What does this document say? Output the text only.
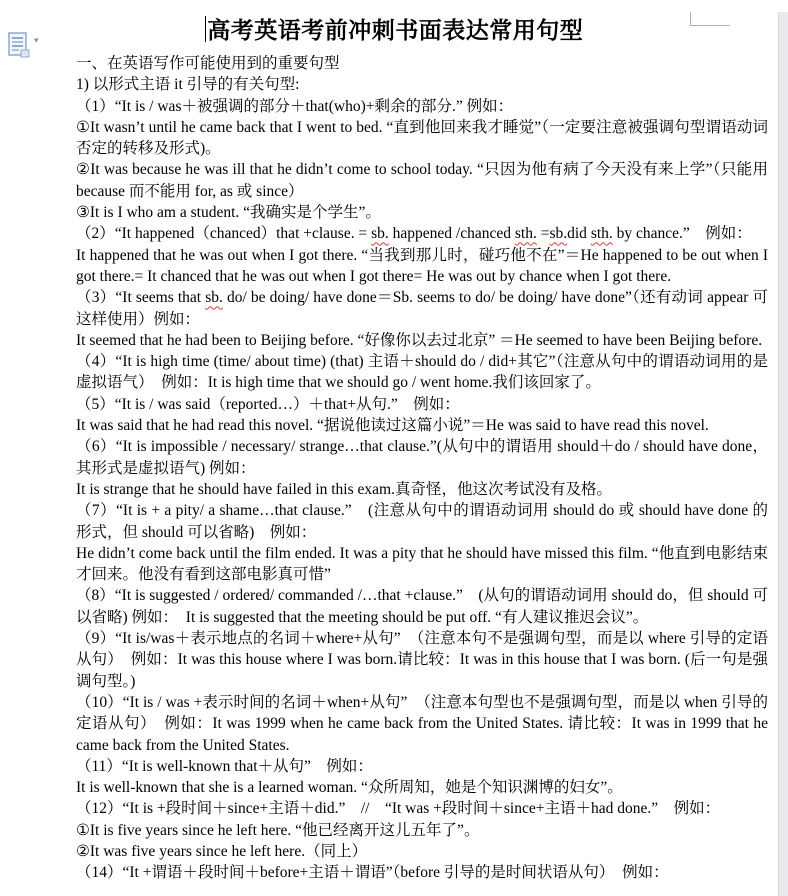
▾	高考英语考前冲刺书面表达常用句型

一、在英语写作可能使用到的重要句型

1) 以形式主语 it 引导的有关句型:

（1）“It is / was＋被强调的部分＋that(who)+剩余的部分.” 例如：

①It wasn’t until he came back that I went to bed. “直到他回来我才睡觉”（一定要注意被强调句型谓语动词否定的转移及形式)。

②It was because he was ill that he didn’t come to school today. “只因为他有病了今天没有来上学”（只能用 because 而不能用 for, as 或 since）

③It is I who am a student. “我确实是个学生”。

（2）“It happened（chanced）that +clause. = sb. happened /chanced sth. =sb.did sth. by chance.”　例如：

It happened that he was out when I got there. “当我到那儿时，碰巧他不在”＝He happened to be out when I got there.= It chanced that he was out when I got there= He was out by chance when I got there.

（3）“It seems that sb. do/ be doing/ have done＝Sb. seems to do/ be doing/ have done”（还有动词 appear 可这样使用）例如：

It seemed that he had been to Beijing before. “好像你以去过北京” ＝He seemed to have been Beijing before.

（4）“It is high time (time/ about time) (that) 主语＋should do / did+其它”（注意从句中的谓语动词用的是虚拟语气）　例如：It is high time that we should go / went home.我们该回家了。

（5）“It is / was said（reported…）＋that+从句.”　例如：

It was said that he had read this novel. “据说他读过这篇小说”＝He was said to have read this novel.

（6）“It is impossible / necessary/ strange…that clause.”(从句中的谓语用 should＋do / should have done，其形式是虚拟语气) 例如：

It is strange that he should have failed in this exam.真奇怪，他这次考试没有及格。

（7）“It is + a pity/ a shame…that clause.”　(注意从句中的谓语动词用 should do 或 should have done 的形式，但 should 可以省略)　例如：

He didn’t come back until the film ended. It was a pity that he should have missed this film. “他直到电影结束才回来。他没有看到这部电影真可惜”

（8）“It is suggested / ordered/ commanded /…that +clause.”　(从句的谓语动词用 should do，但 should 可以省略) 例如：　It is suggested that the meeting should be put off. “有人建议推迟会议”。

（9）“It is/was＋表示地点的名词＋where+从句”　（注意本句不是强调句型，而是以 where 引导的定语从句）　例如：It was this house where I was born.请比较：It was in this house that I was born. (后一句是强调句型。)

（10）“It is / was +表示时间的名词＋when+从句”　（注意本句型也不是强调句型，而是以 when 引导的定语从句）　例如：It was 1999 when he came back from the United States. 请比较：It was in 1999 that he came back from the United States.

（11）“It is well-known that＋从句”　例如：

It is well-known that she is a learned woman. “众所周知，她是个知识渊博的妇女”。

（12）“It is +段时间＋since+主语＋did.”　//　“It was +段时间＋since+主语＋had done.”　例如：

①It is five years since he left here. “他已经离开这儿五年了”。

②It was five years since he left here.（同上）

（14）“It +谓语＋段时间＋before+主语＋谓语”（before 引导的是时间状语从句）　例如：
